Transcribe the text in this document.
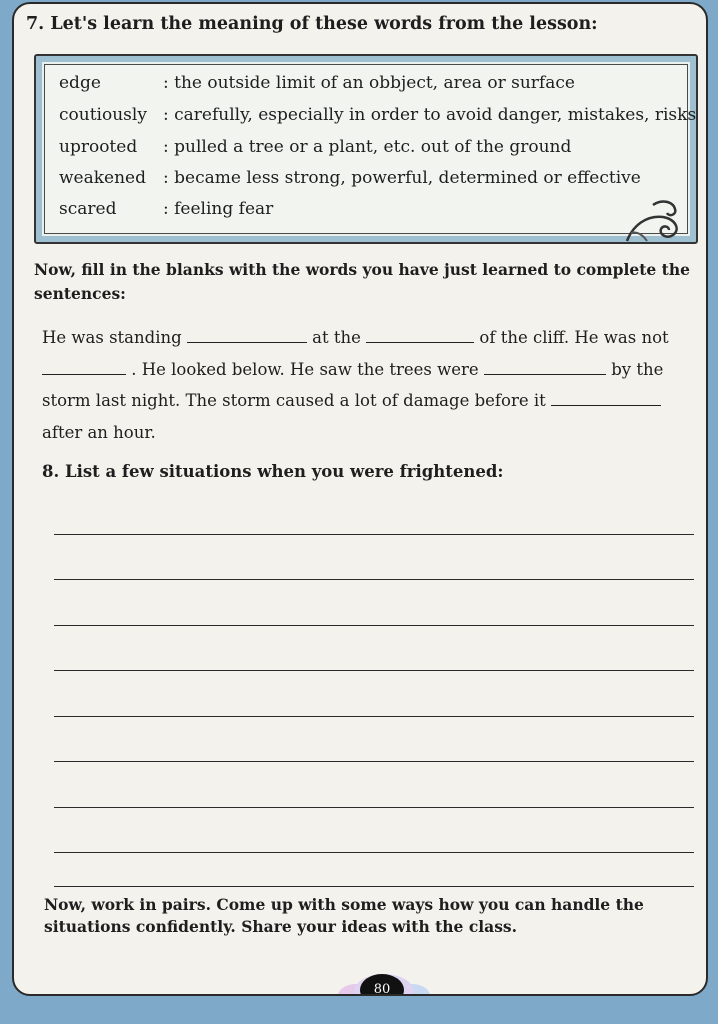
7. Let's learn the meaning of these words from the lesson:
edge	: the outside limit of an obbject, area or surface
coutiously : carefully, especially in order to avoid danger, mistakes, risks
uprooted : pulled a tree or a plant, etc. out of the ground
weakened : became less strong, powerful, determined or effective
scared	: feeling fear
Now, fill in the blanks with the words you have just learned to complete the sentences:
He was standing	at the	of the cliff. He was not
. He looked below. He saw the trees were	by the
storm last night. The storm caused a lot of damage before it
after an hour.
8. List a few situations when you were frightened:
Now, work in pairs. Come up with some ways how you can handle the situations confidently. Share your ideas with the class.
80
